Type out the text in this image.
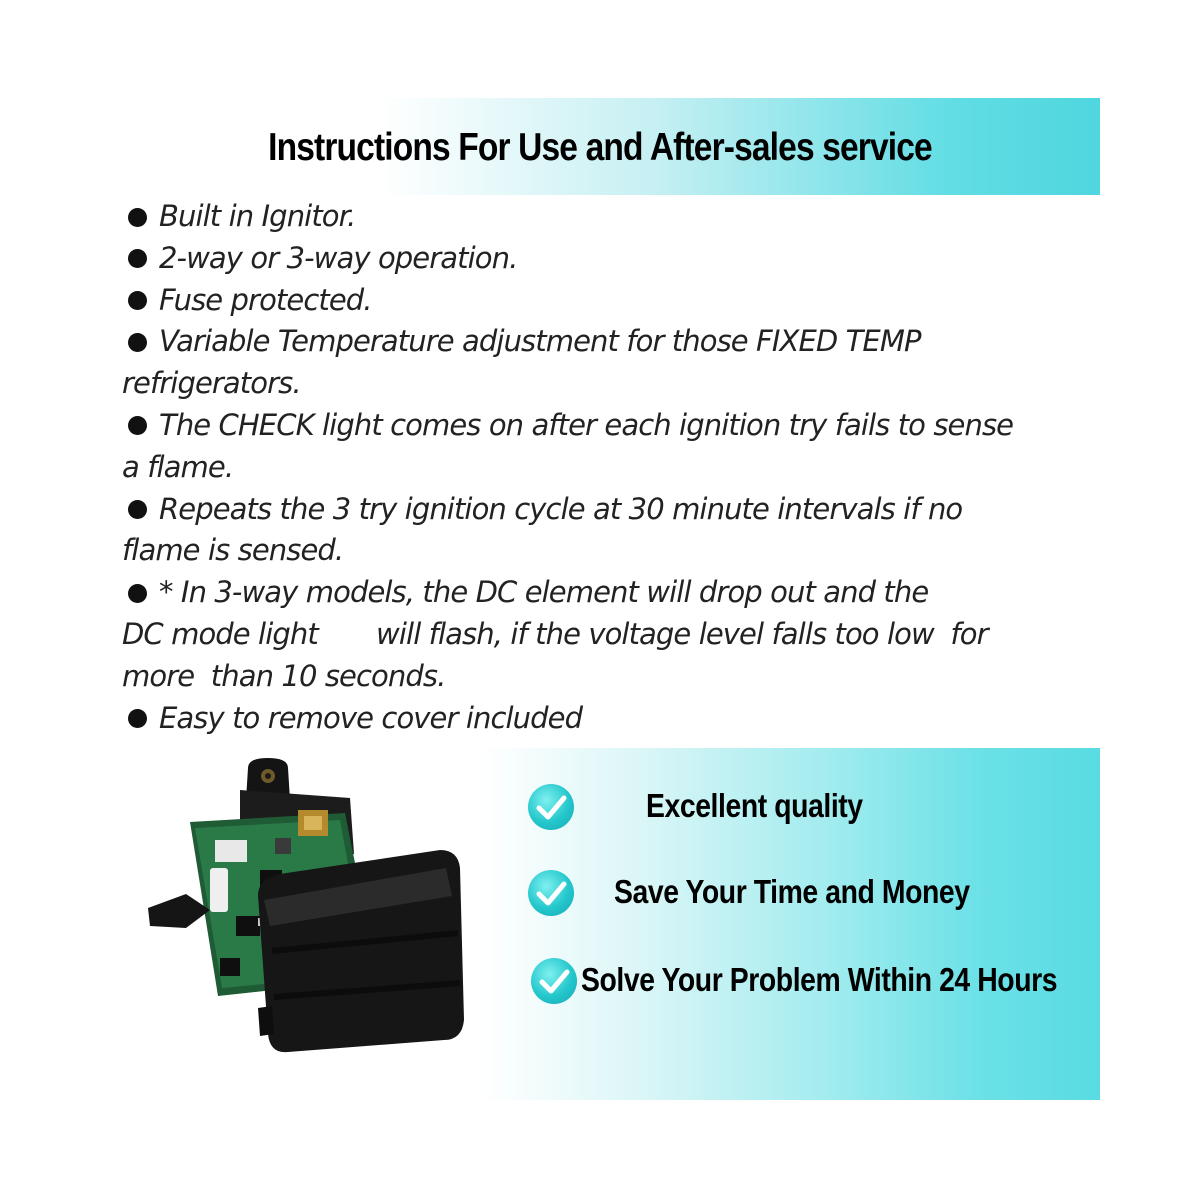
Instructions For Use and After-sales service
Built in Ignitor.
2-way or 3-way operation.
Fuse protected.
Variable Temperature adjustment for those FIXED TEMP
refrigerators.
The CHECK light comes on after each ignition try fails to sense
a flame.
Repeats the 3 try ignition cycle at 30 minute intervals if no
flame is sensed.
* In 3-way models, the DC element will drop out and the
DC mode light       will flash, if the voltage level falls too low  for
more  than 10 seconds.
Easy to remove cover included
Excellent quality
Save Your Time and Money
Solve Your Problem Within 24 Hours
